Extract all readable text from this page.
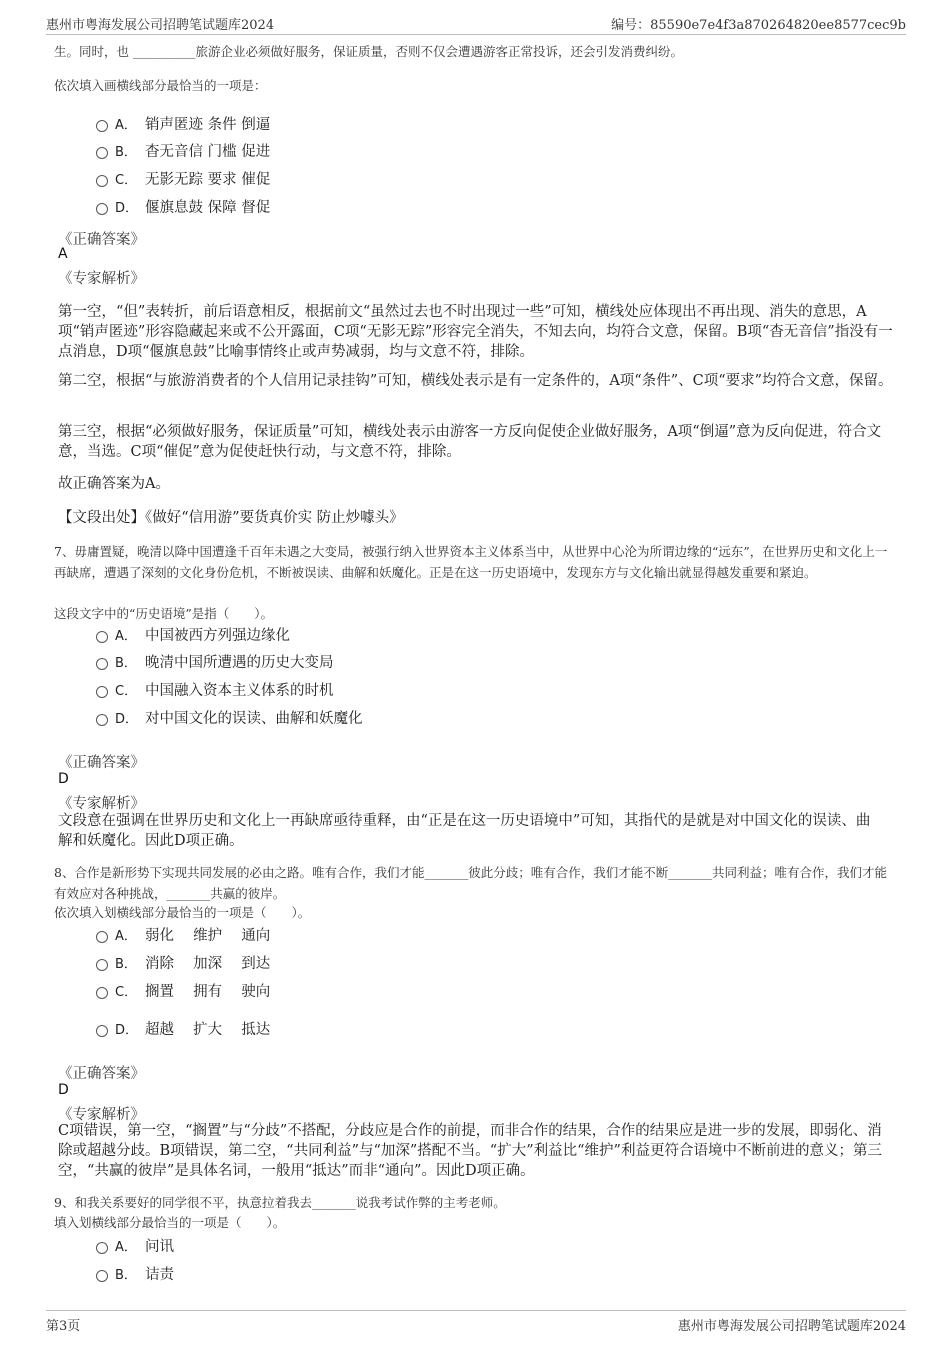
惠州市粤海发展公司招聘笔试题库2024	编号：85590e7e4f3a870264820ee8577cec9b
生。同时，也 __________旅游企业必须做好服务，保证质量，否则不仅会遭遇游客正常投诉，还会引发消费纠纷。
依次填入画横线部分最恰当的一项是：
A． 销声匿迹 条件 倒逼
B． 杳无音信 门槛 促进
C． 无影无踪 要求 催促
D． 偃旗息鼓 保障 督促
《正确答案》
A
《专家解析》
第一空，“但”表转折，前后语意相反，根据前文“虽然过去也不时出现过一些”可知，横线处应体现出不再出现、消失的意思，A项“销声匿迹”形容隐藏起来或不公开露面，C项“无影无踪”形容完全消失，不知去向，均符合文意，保留。B项“杳无音信”指没有一点消息，D项“偃旗息鼓”比喻事情终止或声势减弱，均与文意不符，排除。
第二空，根据“与旅游消费者的个人信用记录挂钩”可知，横线处表示是有一定条件的，A项“条件”、C项“要求”均符合文意，保留。
第三空，根据“必须做好服务，保证质量”可知，横线处表示由游客一方反向促使企业做好服务，A项“倒逼”意为反向促进，符合文意，当选。C项“催促”意为促使赶快行动，与文意不符，排除。
故正确答案为A。
【文段出处】《做好“信用游”要货真价实 防止炒噱头》
7、毋庸置疑，晚清以降中国遭逢千百年未遇之大变局，被强行纳入世界资本主义体系当中，从世界中心沦为所谓边缘的“远东”，在世界历史和文化上一再缺席，遭遇了深刻的文化身份危机，不断被误读、曲解和妖魔化。正是在这一历史语境中，发现东方与文化输出就显得越发重要和紧迫。
这段文字中的“历史语境”是指（　　）。
A． 中国被西方列强边缘化
B． 晚清中国所遭遇的历史大变局
C． 中国融入资本主义体系的时机
D． 对中国文化的误读、曲解和妖魔化
《正确答案》
D
《专家解析》
文段意在强调在世界历史和文化上一再缺席亟待重释，由“正是在这一历史语境中”可知，其指代的是就是对中国文化的误读、曲解和妖魔化。因此D项正确。
8、合作是新形势下实现共同发展的必由之路。唯有合作，我们才能_______彼此分歧；唯有合作，我们才能不断_______共同利益；唯有合作，我们才能有效应对各种挑战，_______共赢的彼岸。
依次填入划横线部分最恰当的一项是（　　）。
A． 弱化　 维护　 通向
B． 消除　 加深　 到达
C． 搁置　 拥有　 驶向
D． 超越　 扩大　 抵达
《正确答案》
D
《专家解析》
C项错误，第一空，“搁置”与“分歧”不搭配，分歧应是合作的前提，而非合作的结果，合作的结果应是进一步的发展，即弱化、消除或超越分歧。B项错误，第二空，“共同利益”与“加深”搭配不当。“扩大”利益比“维护”利益更符合语境中不断前进的意义；第三空，“共赢的彼岸”是具体名词，一般用“抵达”而非“通向”。因此D项正确。
9、和我关系要好的同学很不平，执意拉着我去_______说我考试作弊的主考老师。
填入划横线部分最恰当的一项是（　　）。
A． 问讯
B． 诘责
第3页	惠州市粤海发展公司招聘笔试题库2024
